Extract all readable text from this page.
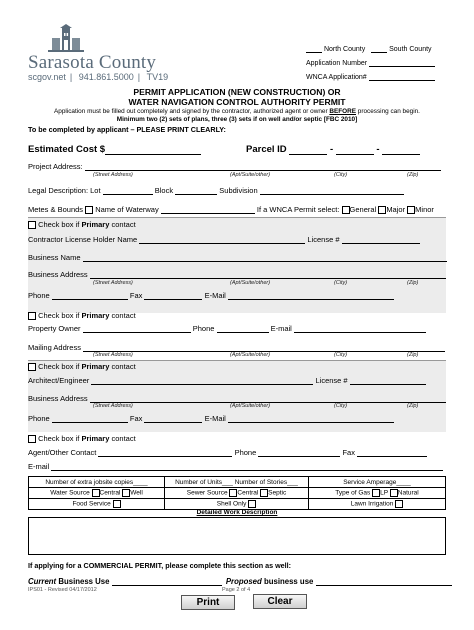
Sarasota County
scgov.net | 941.861.5000 | TV19
North County	South County
Application Number
WNCA Application#
PERMIT APPLICATION (NEW CONSTRUCTION) OR
WATER NAVIGATION CONTROL AUTHORITY PERMIT
Application must be filled out completely and signed by the contractor, authorized agent or owner BEFORE processing can begin.
Minimum two (2) sets of plans, three (3) sets if on well and/or septic [FBC 2010]
To be completed by applicant – PLEASE PRINT CLEARLY:
Estimated Cost $	Parcel ID	-	-
Project Address:
(Street Address)	(Apt/Suite/other)	(City)	(Zip)
Legal Description: Lot	Block	Subdivision
Metes & Bounds Name of Waterway	If a WNCA Permit select: General Major Minor
Check box if Primary contact
Contractor License Holder Name	License #
Business Name
Business Address
(Street Address)	(Apt/Suite/other)	(City)	(Zip)
Phone	Fax	E-Mail
Check box if Primary contact
Property Owner	Phone	E-mail
Mailing Address
(Street Address)	(Apt/Suite/other)	(City)	(Zip)
Check box if Primary contact
Architect/Engineer	License #
Business Address
(Street Address)	(Apt/Suite/other)	(City)	(Zip)
Phone	Fax	E-Mail
Check box if Primary contact
Agent/Other Contact	Phone	Fax
E-mail
Number of extra jobsite copies____	Number of Units___ Number of Stories___	Service Amperage____
Water Source Central Well	Sewer Source Central Septic	Type of Gas LP Natural
Food Service	Shell Only	Lawn Irrigation
Detailed Work Description
If applying for a COMMERCIAL PERMIT, please complete this section as well:
Current Business Use	Proposed business use
IPS01 - Revised 04/17/2012	Page 2 of 4
Print	Clear
